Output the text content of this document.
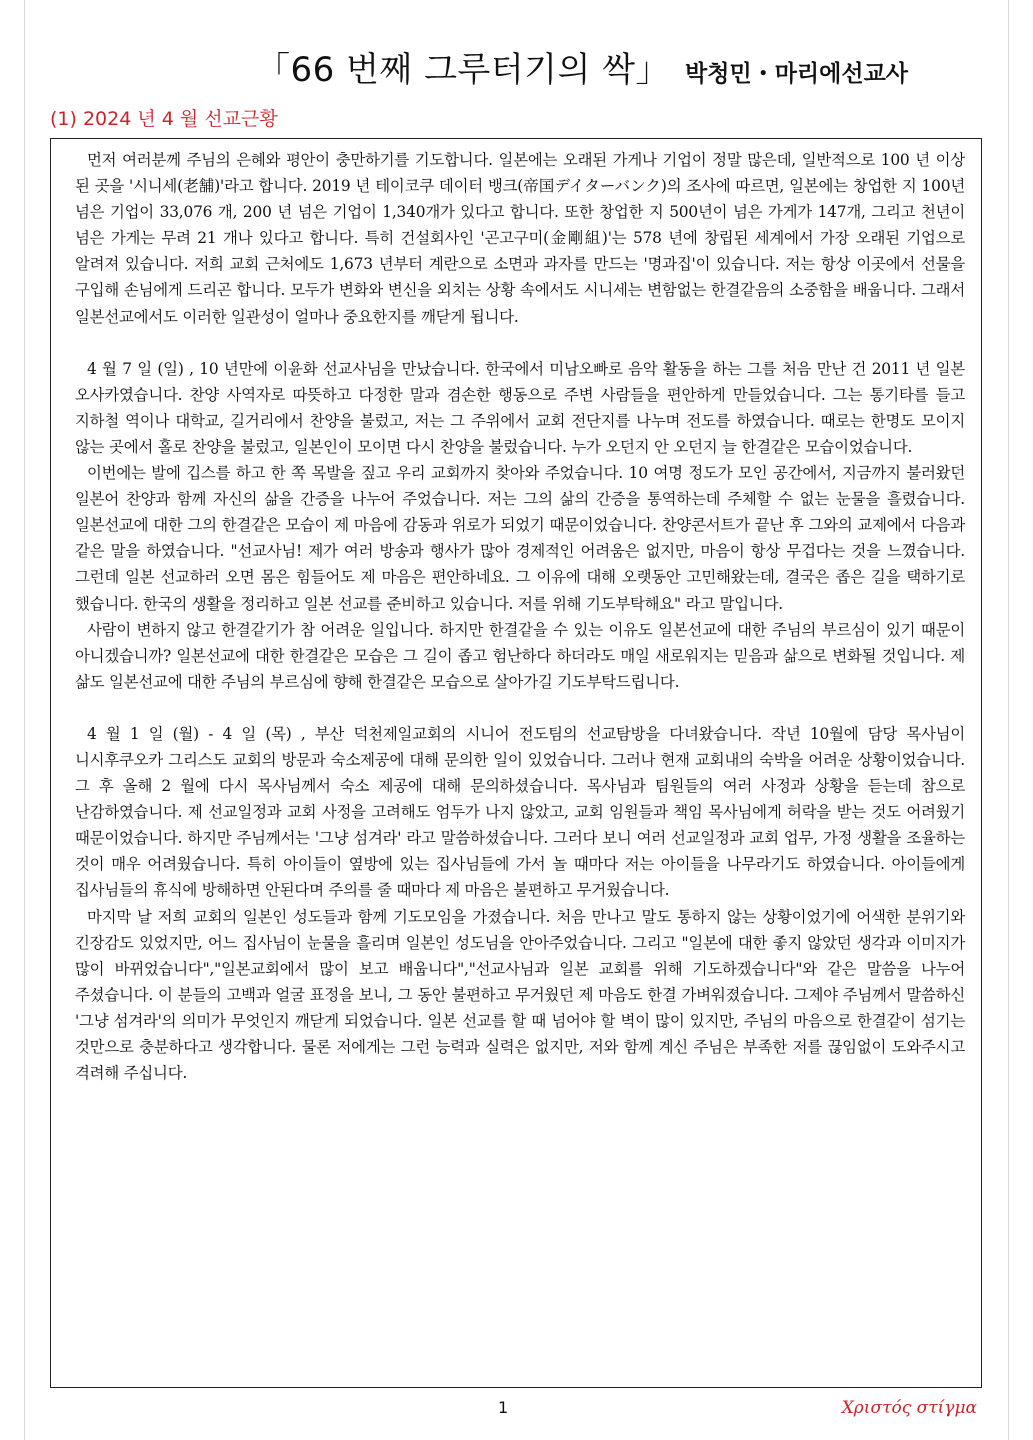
「66 번째 그루터기의 싹」 박청민・마리에선교사
(1) 2024 년 4 월 선교근황

먼저 여러분께 주님의 은혜와 평안이 충만하기를 기도합니다. 일본에는 오래된 가게나 기업이 정말 많은데, 일반적으로 100 년 이상 된 곳을 '시니세(老舗)'라고 합니다. 2019 년 테이코쿠 데이터 뱅크(帝国デイターバンク)의 조사에 따르면, 일본에는 창업한 지 100년 넘은 기업이 33,076 개, 200 년 넘은 기업이 1,340개가 있다고 합니다. 또한 창업한 지 500년이 넘은 가게가 147개, 그리고 천년이 넘은 가게는 무려 21 개나 있다고 합니다. 특히 건설회사인 '곤고구미(金剛組)'는 578 년에 창립된 세계에서 가장 오래된 기업으로 알려져 있습니다. 저희 교회 근처에도 1,673 년부터 계란으로 소면과 과자를 만드는 '명과집'이 있습니다. 저는 항상 이곳에서 선물을 구입해 손님에게 드리곤 합니다. 모두가 변화와 변신을 외치는 상황 속에서도 시니세는 변함없는 한결같음의 소중함을 배웁니다. 그래서 일본선교에서도 이러한 일관성이 얼마나 중요한지를 깨닫게 됩니다.

4 월 7 일 (일) , 10 년만에 이윤화 선교사님을 만났습니다. 한국에서 미남오빠로 음악 활동을 하는 그를 처음 만난 건 2011 년 일본 오사카였습니다. 찬양 사역자로 따뜻하고 다정한 말과 겸손한 행동으로 주변 사람들을 편안하게 만들었습니다. 그는 통기타를 들고 지하철 역이나 대학교, 길거리에서 찬양을 불렀고, 저는 그 주위에서 교회 전단지를 나누며 전도를 하였습니다. 때로는 한명도 모이지 않는 곳에서 홀로 찬양을 불렀고, 일본인이 모이면 다시 찬양을 불렀습니다. 누가 오던지 안 오던지 늘 한결같은 모습이었습니다.

이번에는 발에 깁스를 하고 한 쪽 목발을 짚고 우리 교회까지 찾아와 주었습니다. 10 여명 정도가 모인 공간에서, 지금까지 불러왔던 일본어 찬양과 함께 자신의 삶을 간증을 나누어 주었습니다. 저는 그의 삶의 간증을 통역하는데 주체할 수 없는 눈물을 흘렸습니다. 일본선교에 대한 그의 한결같은 모습이 제 마음에 감동과 위로가 되었기 때문이었습니다. 찬양콘서트가 끝난 후 그와의 교제에서 다음과 같은 말을 하였습니다. "선교사님! 제가 여러 방송과 행사가 많아 경제적인 어려움은 없지만, 마음이 항상 무겁다는 것을 느꼈습니다. 그런데 일본 선교하러 오면 몸은 힘들어도 제 마음은 편안하네요. 그 이유에 대해 오랫동안 고민해왔는데, 결국은 좁은 길을 택하기로 했습니다. 한국의 생활을 정리하고 일본 선교를 준비하고 있습니다. 저를 위해 기도부탁해요" 라고 말입니다.

사람이 변하지 않고 한결같기가 참 어려운 일입니다. 하지만 한결같을 수 있는 이유도 일본선교에 대한 주님의 부르심이 있기 때문이 아니겠습니까? 일본선교에 대한 한결같은 모습은 그 길이 좁고 험난하다 하더라도 매일 새로워지는 믿음과 삶으로 변화될 것입니다. 제 삶도 일본선교에 대한 주님의 부르심에 향해 한결같은 모습으로 살아가길 기도부탁드립니다.

4 월 1 일 (월) - 4 일 (목) , 부산 덕천제일교회의 시니어 전도팀의 선교탐방을 다녀왔습니다. 작년 10월에 담당 목사님이 니시후쿠오카 그리스도 교회의 방문과 숙소제공에 대해 문의한 일이 있었습니다. 그러나 현재 교회내의 숙박을 어려운 상황이었습니다. 그 후 올해 2 월에 다시 목사님께서 숙소 제공에 대해 문의하셨습니다. 목사님과 팀원들의 여러 사정과 상황을 듣는데 참으로 난감하였습니다. 제 선교일정과 교회 사정을 고려해도 엄두가 나지 않았고, 교회 임원들과 책임 목사님에게 허락을 받는 것도 어려웠기 때문이었습니다. 하지만 주님께서는 '그냥 섬겨라' 라고 말씀하셨습니다. 그러다 보니 여러 선교일정과 교회 업무, 가정 생활을 조율하는 것이 매우 어려웠습니다. 특히 아이들이 옆방에 있는 집사님들에 가서 놀 때마다 저는 아이들을 나무라기도 하였습니다. 아이들에게 집사님들의 휴식에 방해하면 안된다며 주의를 줄 때마다 제 마음은 불편하고 무거웠습니다.

마지막 날 저희 교회의 일본인 성도들과 함께 기도모임을 가졌습니다. 처음 만나고 말도 통하지 않는 상황이었기에 어색한 분위기와 긴장감도 있었지만, 어느 집사님이 눈물을 흘리며 일본인 성도님을 안아주었습니다. 그리고 "일본에 대한 좋지 않았던 생각과 이미지가 많이 바뀌었습니다","일본교회에서 많이 보고 배웁니다","선교사님과 일본 교회를 위해 기도하겠습니다"와 같은 말씀을 나누어 주셨습니다. 이 분들의 고백과 얼굴 표정을 보니, 그 동안 불편하고 무거웠던 제 마음도 한결 가벼워졌습니다. 그제야 주님께서 말씀하신 '그냥 섬겨라'의 의미가 무엇인지 깨닫게 되었습니다. 일본 선교를 할 때 넘어야 할 벽이 많이 있지만, 주님의 마음으로 한결같이 섬기는 것만으로 충분하다고 생각합니다. 물론 저에게는 그런 능력과 실력은 없지만, 저와 함께 계신 주님은 부족한 저를 끊임없이 도와주시고 격려해 주십니다.

1	Χριστός στίγμα
